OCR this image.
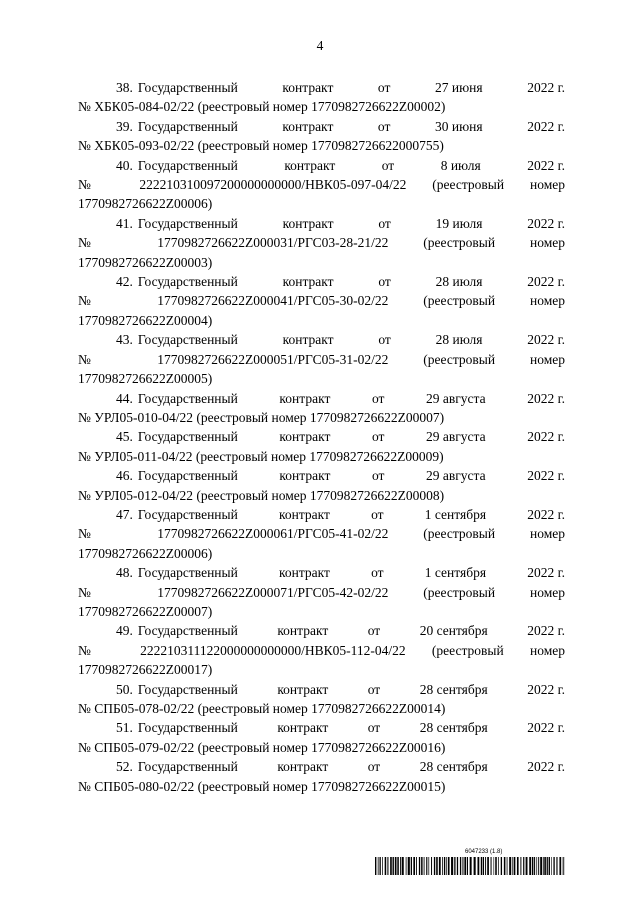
4
38. Государственный	контракт	от	27 июня	2022 г.
№ ХБК05-084-02/22 (реестровый номер 1770982726622Z00002)
39. Государственный	контракт	от	30 июня	2022 г.
№ ХБК05-093-02/22 (реестровый номер 1770982726622000755)
40. Государственный	контракт	от	8 июля	2022 г.
№ 222210310097200000000000/НВК05-097-04/22 (реестровый номер 1770982726622Z00006)
41. Государственный	контракт	от	19 июля	2022 г.
№ 1770982726622Z000031/РГС03-28-21/22 (реестровый номер 1770982726622Z00003)
42. Государственный	контракт	от	28 июля	2022 г.
№ 1770982726622Z000041/РГС05-30-02/22 (реестровый номер 1770982726622Z00004)
43. Государственный	контракт	от	28 июля	2022 г.
№ 1770982726622Z000051/РГС05-31-02/22 (реестровый номер 1770982726622Z00005)
44. Государственный	контракт	от	29 августа	2022 г.
№ УРЛ05-010-04/22 (реестровый номер 1770982726622Z00007)
45. Государственный	контракт	от	29 августа	2022 г.
№ УРЛ05-011-04/22 (реестровый номер 1770982726622Z00009)
46. Государственный	контракт	от	29 августа	2022 г.
№ УРЛ05-012-04/22 (реестровый номер 1770982726622Z00008)
47. Государственный	контракт	от	1 сентября	2022 г.
№ 1770982726622Z000061/РГС05-41-02/22 (реестровый номер 1770982726622Z00006)
48. Государственный	контракт	от	1 сентября	2022 г.
№ 1770982726622Z000071/РГС05-42-02/22 (реестровый номер 1770982726622Z00007)
49. Государственный	контракт	от	20 сентября	2022 г.
№ 222210311122000000000000/НВК05-112-04/22 (реестровый номер 1770982726622Z00017)
50. Государственный	контракт	от	28 сентября	2022 г.
№ СПБ05-078-02/22 (реестровый номер 1770982726622Z00014)
51. Государственный	контракт	от	28 сентября	2022 г.
№ СПБ05-079-02/22 (реестровый номер 1770982726622Z00016)
52. Государственный	контракт	от	28 сентября	2022 г.
№ СПБ05-080-02/22 (реестровый номер 1770982726622Z00015)
6047233 (1.8)
